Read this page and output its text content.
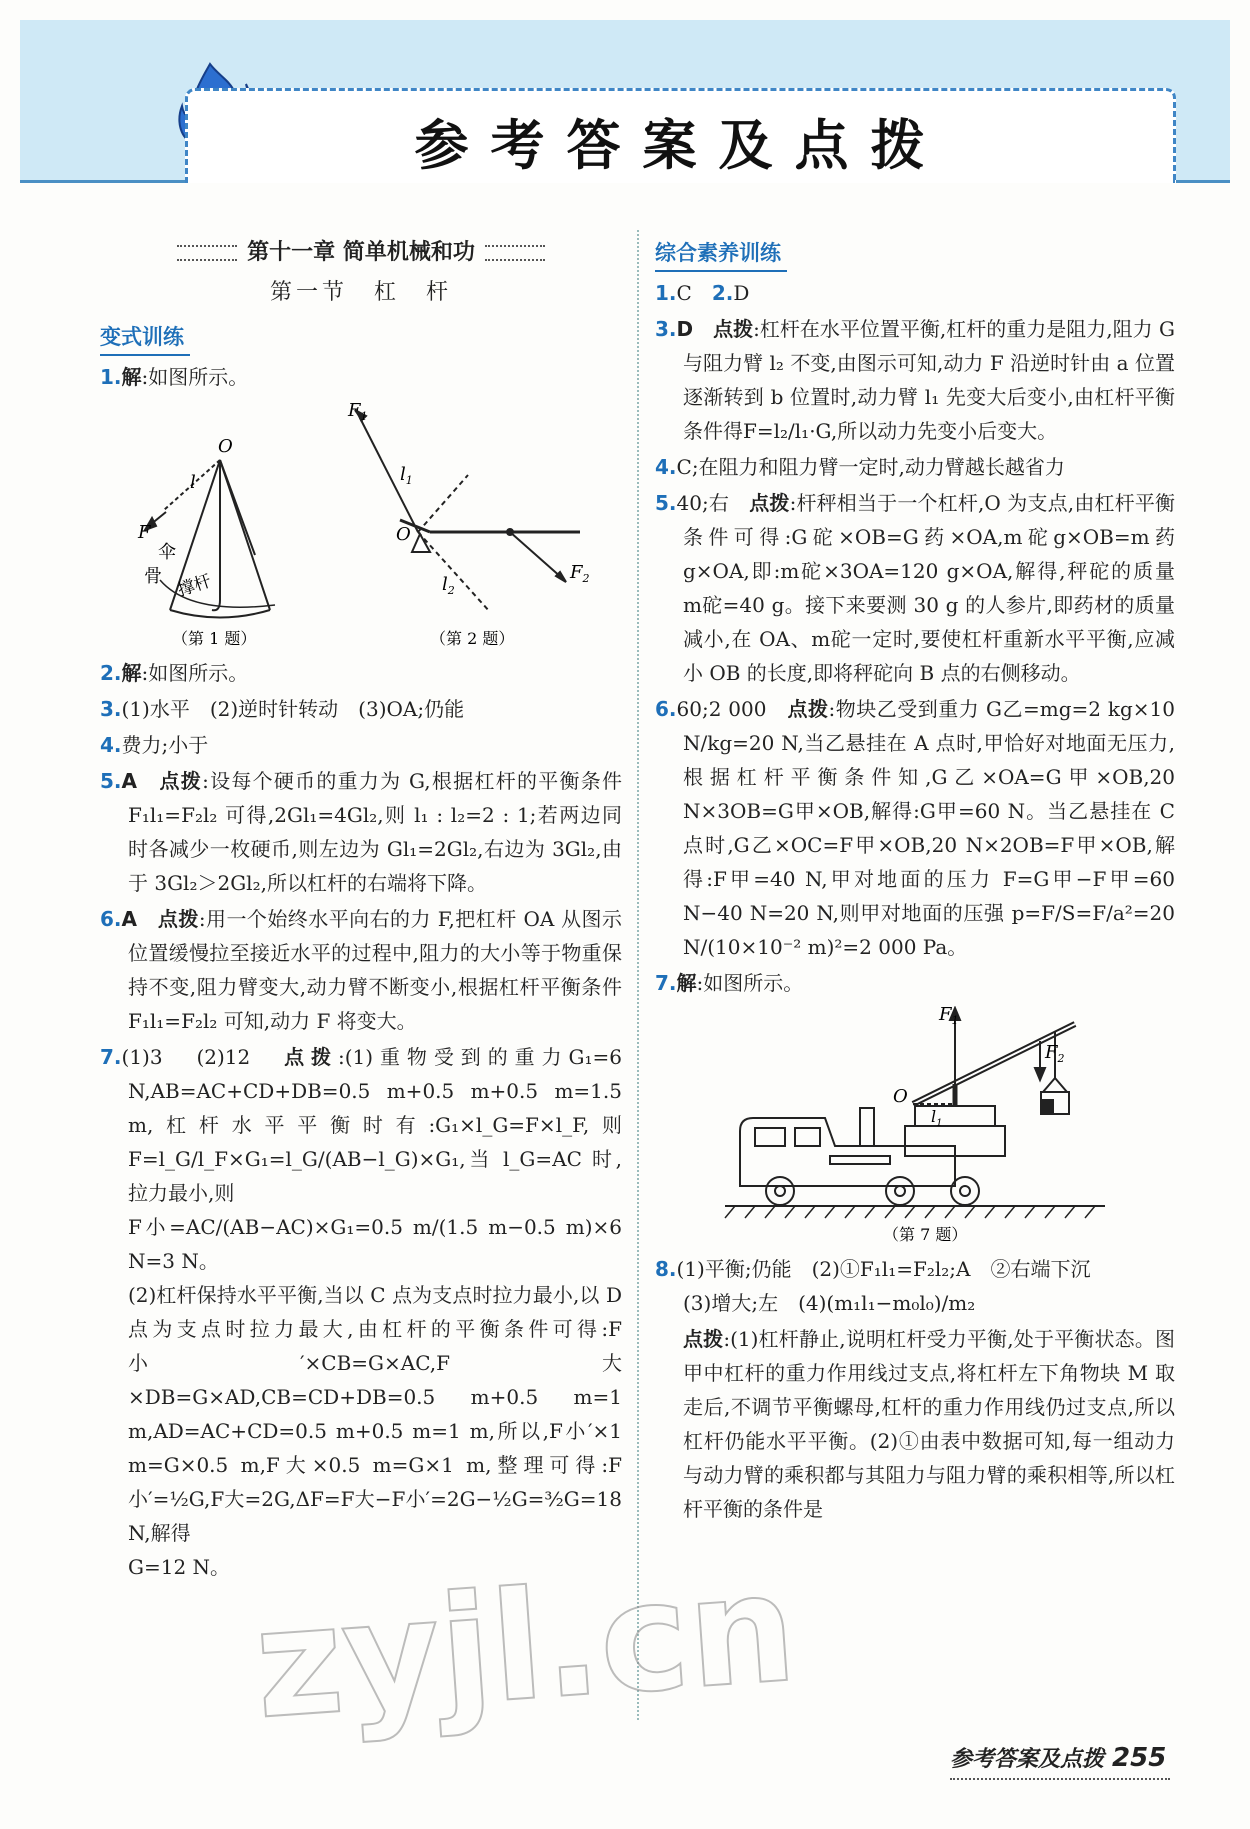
参考答案及点拨
第十一章 简单机械和功
第一节　杠　杆
变式训练
1.解:如图所示。
O
l
F
伞
骨 撑杆
（第 1 题）
$F_1$
$l_1$
O
$l_2$
$F_2$
（第 2 题）
2.解:如图所示。
3.(1)水平　(2)逆时针转动　(3)OA;仍能
4.费力;小于
5.A　 点拨:设每个硬币的重力为 G,根据杠杆的平衡条件 F₁l₁=F₂l₂ 可得,2Gl₁=4Gl₂,则 l₁ : l₂=2 : 1;若两边同时各减少一枚硬币,则左边为 Gl₁=2Gl₂,右边为 3Gl₂,由于 3Gl₂＞2Gl₂,所以杠杆的右端将下降。
6.A　 点拨:用一个始终水平向右的力 F,把杠杆 OA 从图示位置缓慢拉至接近水平的过程中,阻力的大小等于物重保持不变,阻力臂变大,动力臂不断变小,根据杠杆平衡条件 F₁l₁=F₂l₂ 可知,动力 F 将变大。
7.(1)3　(2)12　 点拨:(1)重物受到的重力G₁=6 N,AB=AC+CD+DB=0.5 m+0.5 m+0.5 m=1.5 m,杠杆水平平衡时有:G₁×l_G=F×l_F,则 F=l_G/l_F×G₁=l_G/(AB−l_G)×G₁,当 l_G=AC 时,拉力最小,则
F小=AC/(AB−AC)×G₁=0.5 m/(1.5 m−0.5 m)×6 N=3 N。
(2)杠杆保持水平平衡,当以 C 点为支点时拉力最小,以 D 点为支点时拉力最大,由杠杆的平衡条件可得:F小′×CB=G×AC,F大×DB=G×AD,CB=CD+DB=0.5 m+0.5 m=1 m,AD=AC+CD=0.5 m+0.5 m=1 m,所以,F小′×1 m=G×0.5 m,F大×0.5 m=G×1 m,整理可得:F小′=½G,F大=2G,ΔF=F大−F小′=2G−½G=³⁄₂G=18 N,解得
G=12 N。
综合素养训练
1.C　2.D
3.D　 点拨:杠杆在水平位置平衡,杠杆的重力是阻力,阻力 G 与阻力臂 l₂ 不变,由图示可知,动力 F 沿逆时针由 a 位置逐渐转到 b 位置时,动力臂 l₁ 先变大后变小,由杠杆平衡条件得F=l₂/l₁·G,所以动力先变小后变大。
4.C;在阻力和阻力臂一定时,动力臂越长越省力
5.40;右　 点拨:杆秤相当于一个杠杆,O 为支点,由杠杆平衡条件可得:G砣×OB=G药×OA,m砣g×OB=m药g×OA,即:m砣×3OA=120 g×OA,解得,秤砣的质量 m砣=40 g。接下来要测 30 g 的人参片,即药材的质量减小,在 OA、m砣一定时,要使杠杆重新水平平衡,应减小 OB 的长度,即将秤砣向 B 点的右侧移动。
6.60;2 000　 点拨:物块乙受到重力 G乙=mg=2 kg×10 N/kg=20 N,当乙悬挂在 A 点时,甲恰好对地面无压力,根据杠杆平衡条件知,G乙×OA=G甲×OB,20 N×3OB=G甲×OB,解得:G甲=60 N。当乙悬挂在 C 点时,G乙×OC=F甲×OB,20 N×2OB=F甲×OB,解得:F甲=40 N,甲对地面的压力 F=G甲−F甲=60 N−40 N=20 N,则甲对地面的压强 p=F/S=F/a²=20 N/(10×10⁻² m)²=2 000 Pa。
7.解:如图所示。
$F_1$
$F_2$
O
$l_1$
（第 7 题）
8.(1)平衡;仍能　(2)①F₁l₁=F₂l₂;A　②右端下沉
(3)增大;左　(4)(m₁l₁−m₀l₀)/m₂
点拨:(1)杠杆静止,说明杠杆受力平衡,处于平衡状态。图甲中杠杆的重力作用线过支点,将杠杆左下角物块 M 取走后,不调节平衡螺母,杠杆的重力作用线仍过支点,所以杠杆仍能水平平衡。(2)①由表中数据可知,每一组动力与动力臂的乘积都与其阻力与阻力臂的乘积相等,所以杠杆平衡的条件是
zyjl.cn
参考答案及点拨 255
